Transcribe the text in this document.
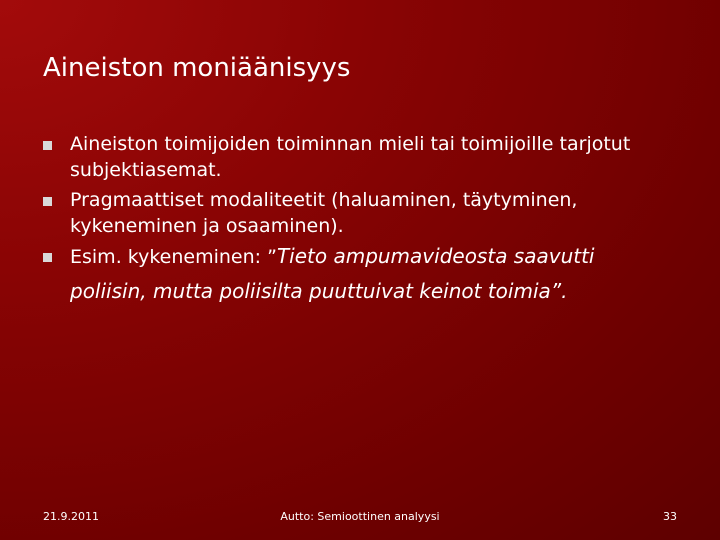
Aineiston moniäänisyys
Aineiston toimijoiden toiminnan mieli tai toimijoille tarjotut subjektiasemat.
Pragmaattiset modaliteetit (haluaminen, täytyminen, kykeneminen ja osaaminen).
Esim. kykeneminen: ”Tieto ampumavideosta saavutti
poliisin, mutta poliisilta puuttuivat keinot toimia”.
21.9.2011	Autto: Semioottinen analyysi	33
